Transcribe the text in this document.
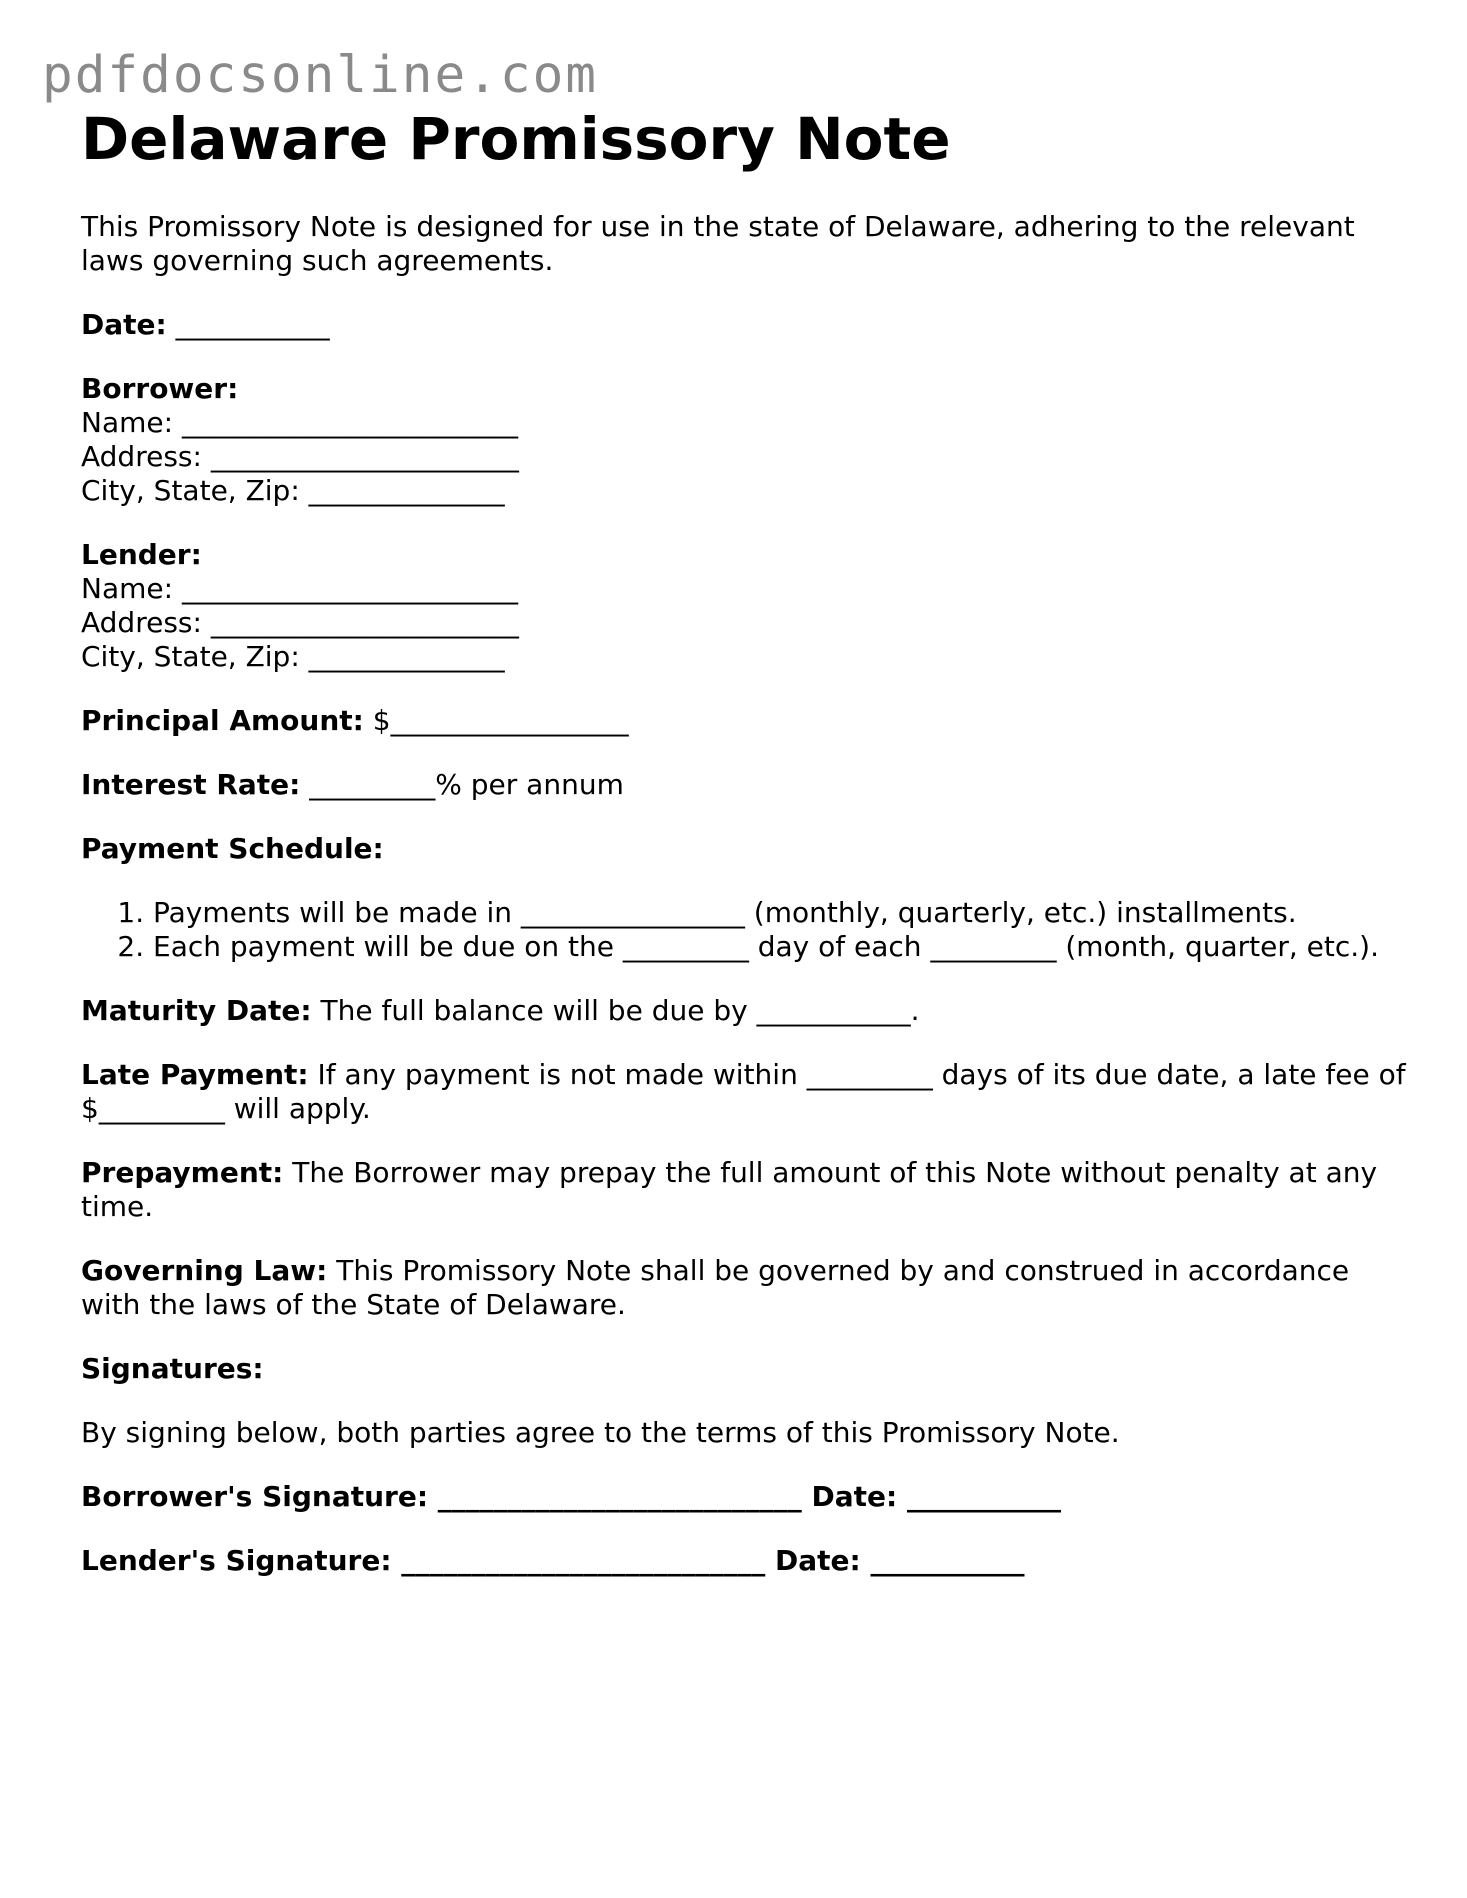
pdfdocsonline.com
Delaware Promissory Note

This Promissory Note is designed for use in the state of Delaware, adhering to the relevant laws governing such agreements.

Date: ___________

Borrower:
Name: ________________________
Address: ______________________
City, State, Zip: ______________
Lender:
Name: ________________________
Address: ______________________
City, State, Zip: ______________

Principal Amount: $_________________

Interest Rate: _________% per annum

Payment Schedule:

1. Payments will be made in ________________ (monthly, quarterly, etc.) installments.
2. Each payment will be due on the _________ day of each _________ (month, quarter, etc.).

Maturity Date: The full balance will be due by ___________.

Late Payment: If any payment is not made within _________ days of its due date, a late fee of $_________ will apply.

Prepayment: The Borrower may prepay the full amount of this Note without penalty at any time.

Governing Law: This Promissory Note shall be governed by and construed in accordance with the laws of the State of Delaware.

Signatures:

By signing below, both parties agree to the terms of this Promissory Note.

Borrower's Signature: __________________________ Date: ___________

Lender's Signature: __________________________ Date: ___________
